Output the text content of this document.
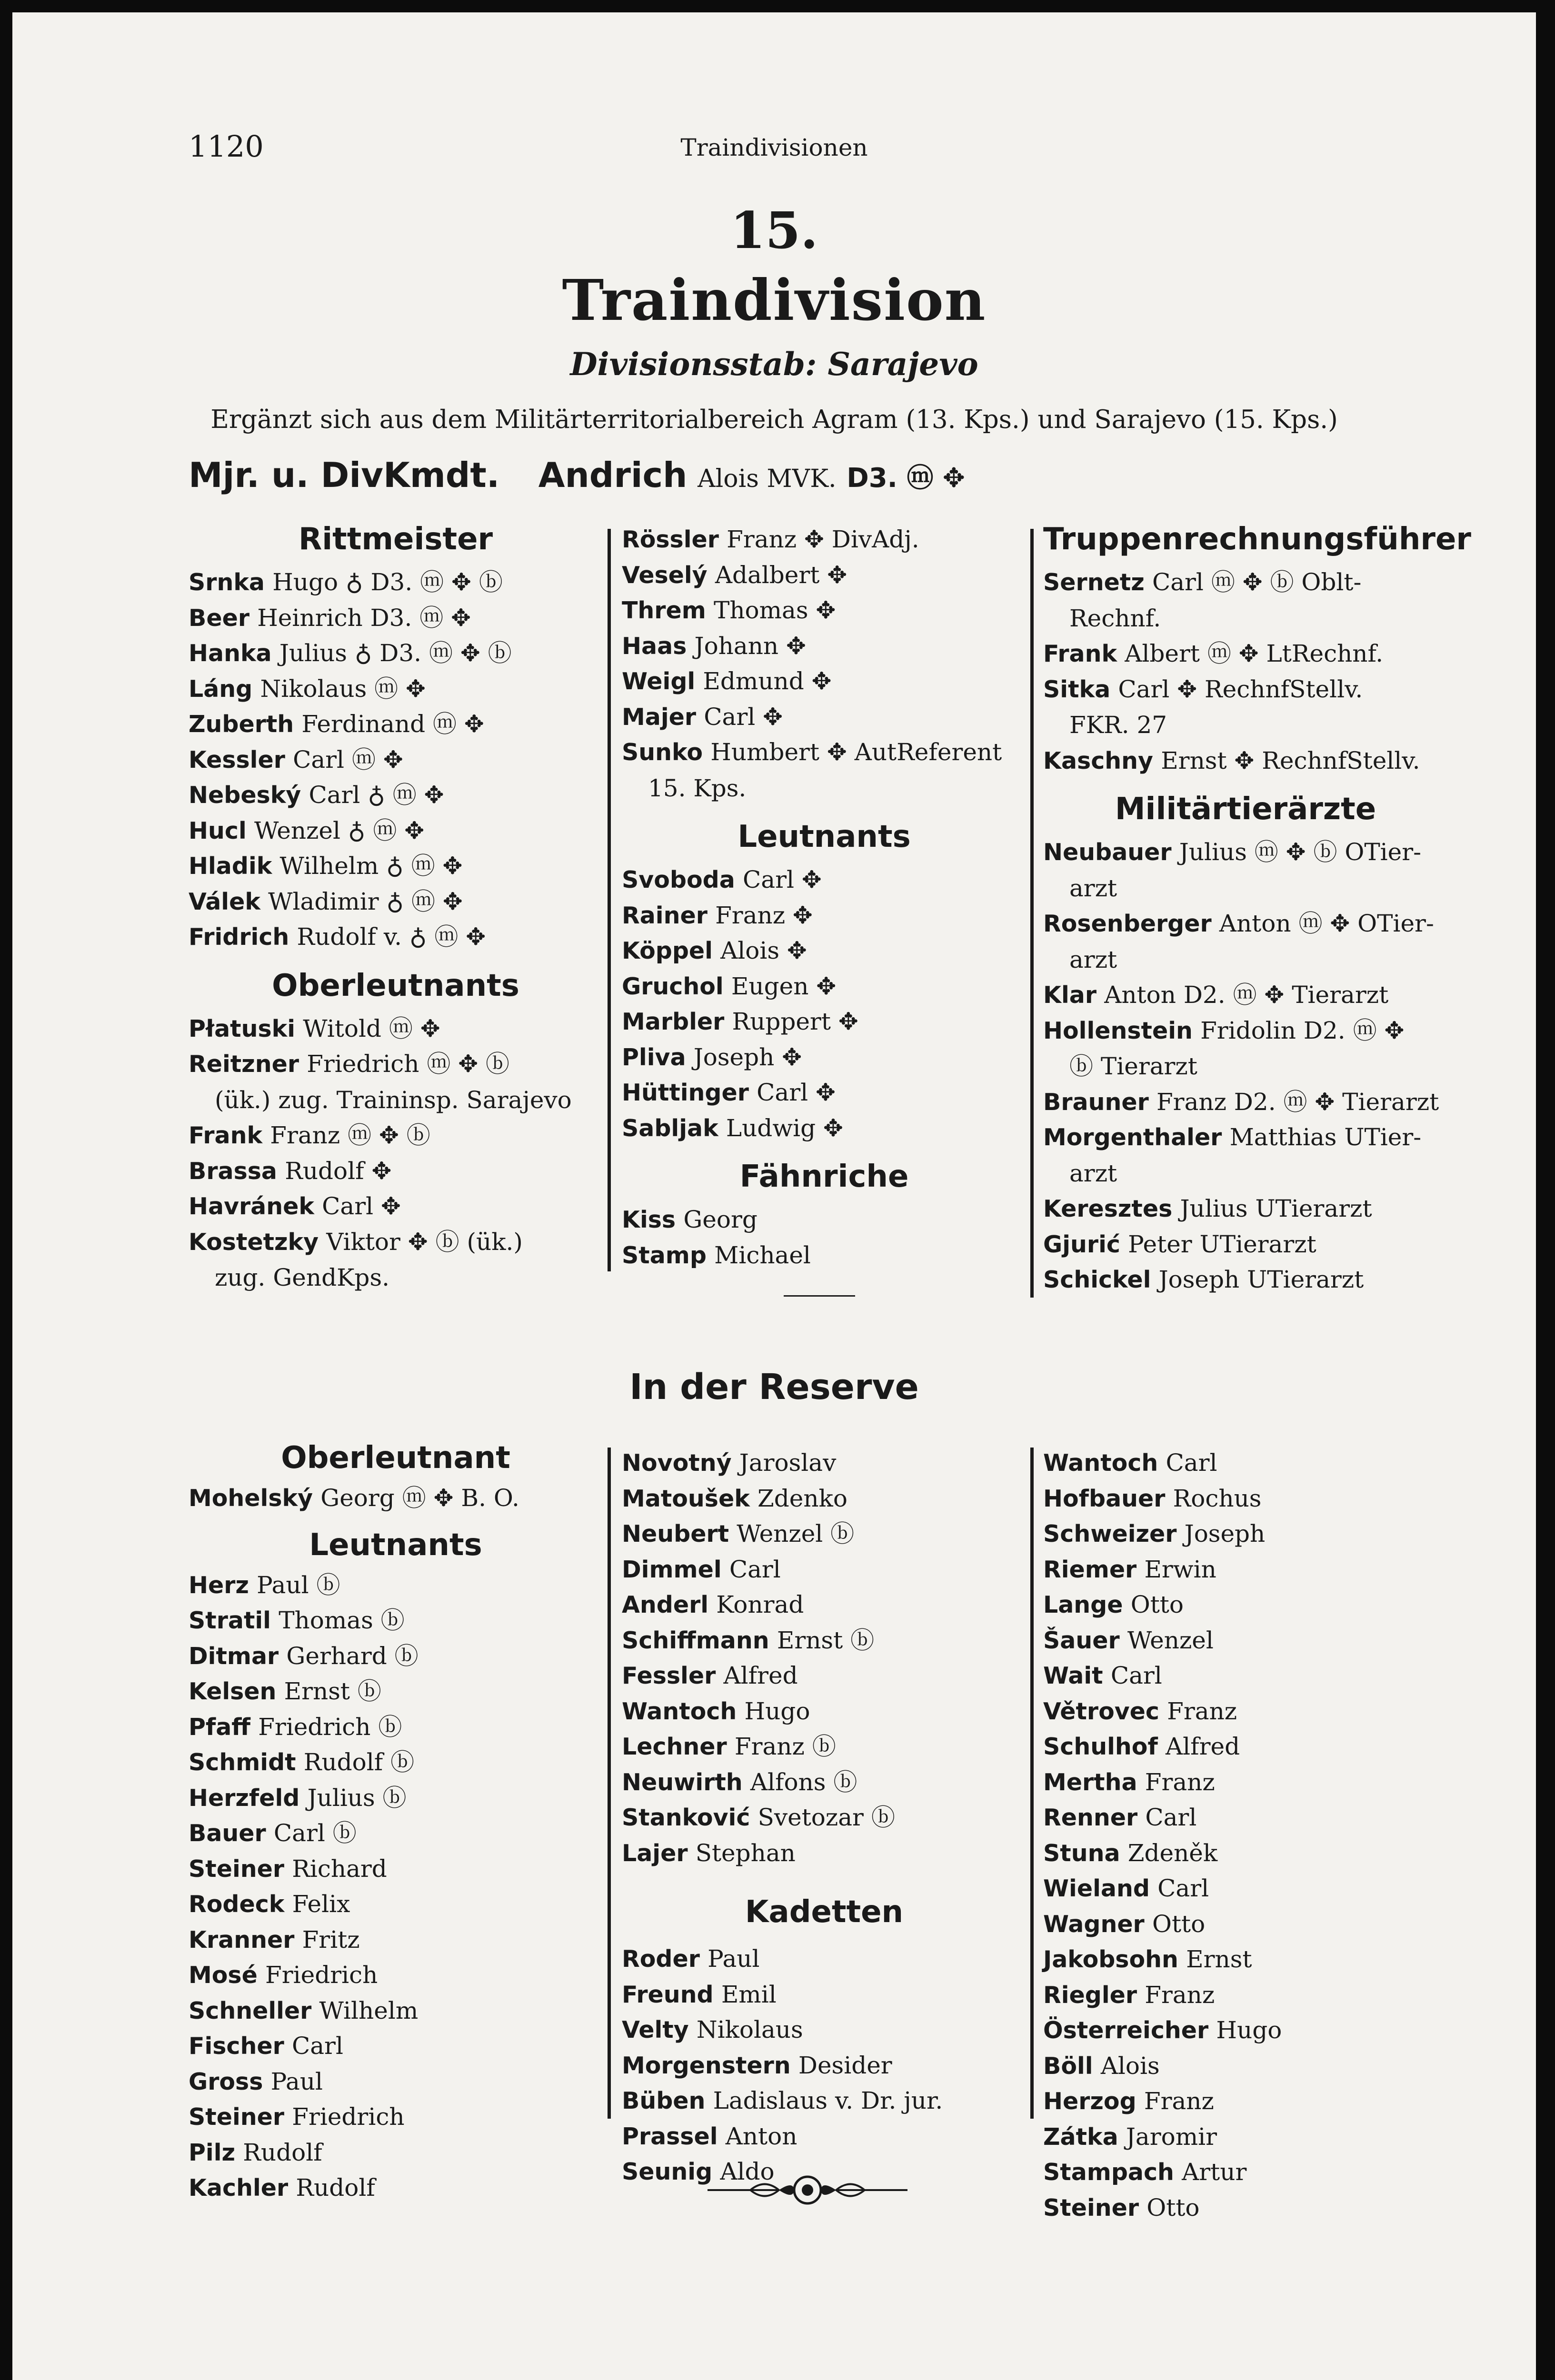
1120	Traindivisionen
15.
Traindivision
Divisionsstab: Sarajevo
Ergänzt sich aus dem Militärterritorialbereich Agram (13. Kps.) und Sarajevo (15. Kps.)
Mjr. u. DivKmdt. Andrich Alois MVK. D3. ⓜ ✥
Rittmeister
Srnka Hugo ♁ D3. ⓜ ✥ ⓑ
Beer Heinrich D3. ⓜ ✥
Hanka Julius ♁ D3. ⓜ ✥ ⓑ
Láng Nikolaus ⓜ ✥
Zuberth Ferdinand ⓜ ✥
Kessler Carl ⓜ ✥
Nebeský Carl ♁ ⓜ ✥
Hucl Wenzel ♁ ⓜ ✥
Hladik Wilhelm ♁ ⓜ ✥
Válek Wladimir ♁ ⓜ ✥
Fridrich Rudolf v. ♁ ⓜ ✥
Oberleutnants
Płatuski Witold ⓜ ✥
Reitzner Friedrich ⓜ ✥ ⓑ
(ük.) zug. Traininsp. Sarajevo
Frank Franz ⓜ ✥ ⓑ
Brassa Rudolf ✥
Havránek Carl ✥
Kostetzky Viktor ✥ ⓑ (ük.)
zug. GendKps.
Rössler Franz ✥ DivAdj.
Veselý Adalbert ✥
Threm Thomas ✥
Haas Johann ✥
Weigl Edmund ✥
Majer Carl ✥
Sunko Humbert ✥ AutReferent
15. Kps.
Leutnants
Svoboda Carl ✥
Rainer Franz ✥
Köppel Alois ✥
Gruchol Eugen ✥
Marbler Ruppert ✥
Pliva Joseph ✥
Hüttinger Carl ✥
Sabljak Ludwig ✥
Fähnriche
Kiss Georg
Stamp Michael
Truppenrechnungsführer
Sernetz Carl ⓜ ✥ ⓑ Oblt-
Rechnf.
Frank Albert ⓜ ✥ LtRechnf.
Sitka Carl ✥ RechnfStellv.
FKR. 27
Kaschny Ernst ✥ RechnfStellv.
Militärtierärzte
Neubauer Julius ⓜ ✥ ⓑ OTier-
arzt
Rosenberger Anton ⓜ ✥ OTier-
arzt
Klar Anton D2. ⓜ ✥ Tierarzt
Hollenstein Fridolin D2. ⓜ ✥
ⓑ Tierarzt
Brauner Franz D2. ⓜ ✥ Tierarzt
Morgenthaler Matthias UTier-
arzt
Keresztes Julius UTierarzt
Gjurić Peter UTierarzt
Schickel Joseph UTierarzt
In der Reserve
Oberleutnant
Mohelský Georg ⓜ ✥ B. O.
Leutnants
Herz Paul ⓑ
Stratil Thomas ⓑ
Ditmar Gerhard ⓑ
Kelsen Ernst ⓑ
Pfaff Friedrich ⓑ
Schmidt Rudolf ⓑ
Herzfeld Julius ⓑ
Bauer Carl ⓑ
Steiner Richard
Rodeck Felix
Kranner Fritz
Mosé Friedrich
Schneller Wilhelm
Fischer Carl
Gross Paul
Steiner Friedrich
Pilz Rudolf
Kachler Rudolf
Novotný Jaroslav
Matoušek Zdenko
Neubert Wenzel ⓑ
Dimmel Carl
Anderl Konrad
Schiffmann Ernst ⓑ
Fessler Alfred
Wantoch Hugo
Lechner Franz ⓑ
Neuwirth Alfons ⓑ
Stanković Svetozar ⓑ
Lajer Stephan
Kadetten
Roder Paul
Freund Emil
Velty Nikolaus
Morgenstern Desider
Büben Ladislaus v. Dr. jur.
Prassel Anton
Seunig Aldo
Wantoch Carl
Hofbauer Rochus
Schweizer Joseph
Riemer Erwin
Lange Otto
Šauer Wenzel
Wait Carl
Větrovec Franz
Schulhof Alfred
Mertha Franz
Renner Carl
Stuna Zdeněk
Wieland Carl
Wagner Otto
Jakobsohn Ernst
Riegler Franz
Österreicher Hugo
Böll Alois
Herzog Franz
Zátka Jaromir
Stampach Artur
Steiner Otto
